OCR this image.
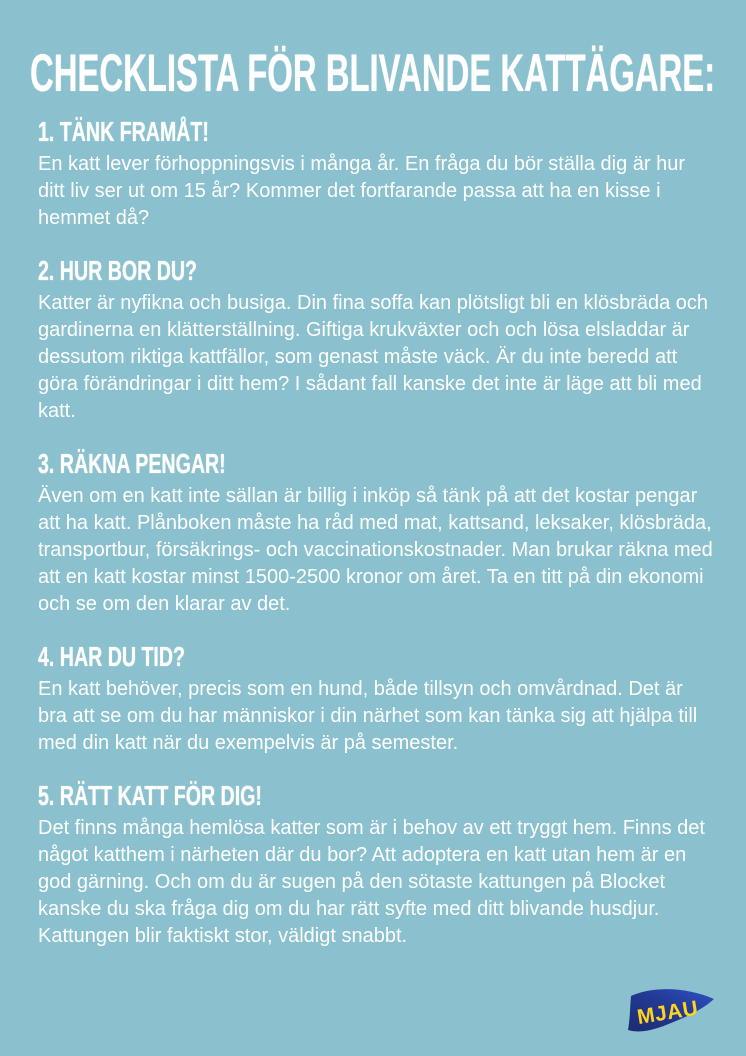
CHECKLISTA FÖR BLIVANDE KATTÄGARE:
1. TÄNK FRAMÅT!

En katt lever förhoppningsvis i många år. En fråga du bör ställa dig är hur ditt liv ser ut om 15 år? Kommer det fortfarande passa att ha en kisse i hemmet då?

2. HUR BOR DU?

Katter är nyfikna och busiga. Din fina soffa kan plötsligt bli en klösbräda och gardinerna en klätterställning. Giftiga krukväxter och och lösa elsladdar är dessutom riktiga kattfällor, som genast måste väck. Är du inte beredd att göra förändringar i ditt hem? I sådant fall kanske det inte är läge att bli med katt.

3. RÄKNA PENGAR!

Även om en katt inte sällan är billig i inköp så tänk på att det kostar pengar att ha katt. Plånboken måste ha råd med mat, kattsand, leksaker, klösbräda, transportbur, försäkrings- och vaccinationskostnader. Man brukar räkna med att en katt kostar minst 1500-2500 kronor om året. Ta en titt på din ekonomi och se om den klarar av det.

4. HAR DU TID?

En katt behöver, precis som en hund, både tillsyn och omvårdnad. Det är bra att se om du har människor i din närhet som kan tänka sig att hjälpa till med din katt när du exempelvis är på semester.

5. RÄTT KATT FÖR DIG!

Det finns många hemlösa katter som är i behov av ett tryggt hem. Finns det något katthem i närheten där du bor? Att adoptera en katt utan hem är en god gärning. Och om du är sugen på den sötaste kattungen på Blocket kanske du ska fråga dig om du har rätt syfte med ditt blivande husdjur. Kattungen blir faktiskt stor, väldigt snabbt.

MJAU
